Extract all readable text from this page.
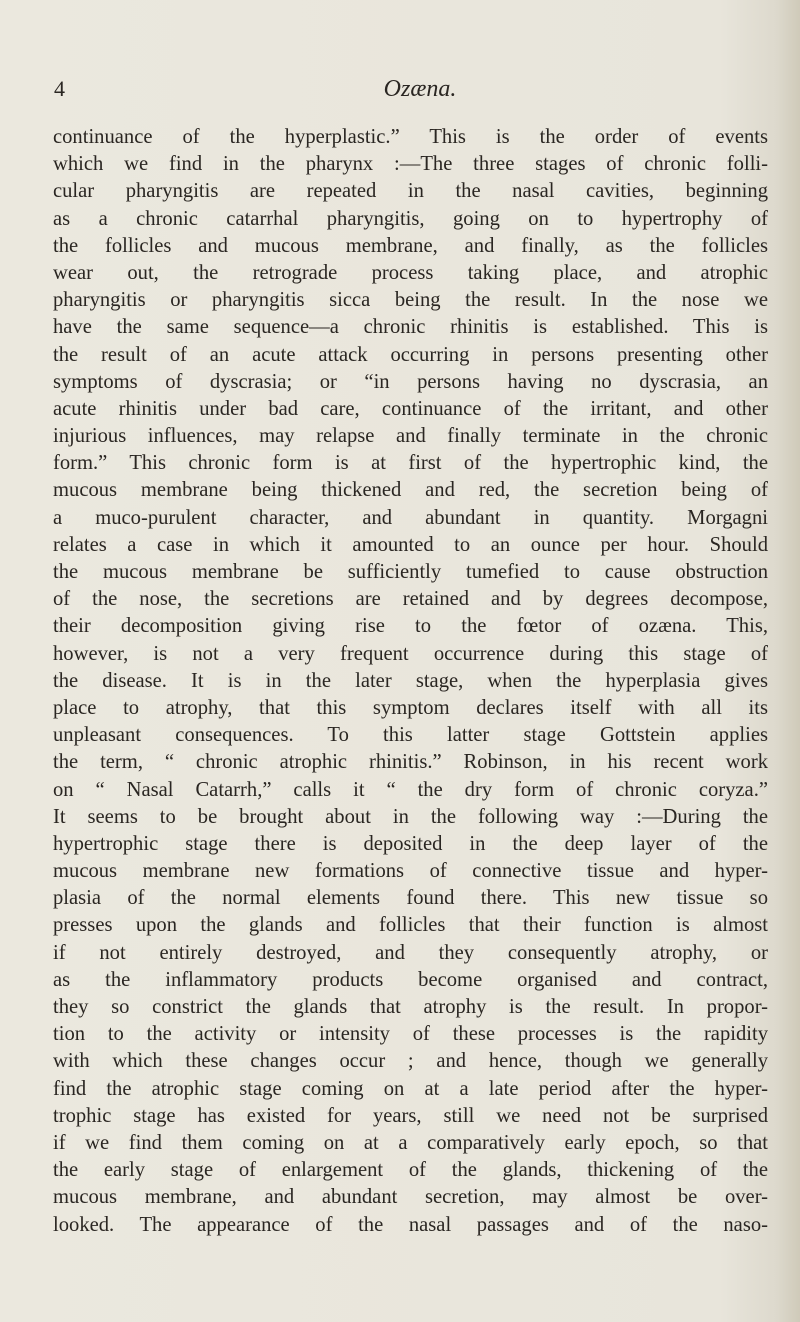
4	Ozæna.
continuance of the hyperplastic.” This is the order of events
which we find in the pharynx :—The three stages of chronic folli-
cular pharyngitis are repeated in the nasal cavities, beginning
as a chronic catarrhal pharyngitis, going on to hypertrophy of
the follicles and mucous membrane, and finally, as the follicles
wear out, the retrograde process taking place, and atrophic
pharyngitis or pharyngitis sicca being the result. In the nose we
have the same sequence—a chronic rhinitis is established. This is
the result of an acute attack occurring in persons presenting other
symptoms of dyscrasia; or “in persons having no dyscrasia, an
acute rhinitis under bad care, continuance of the irritant, and other
injurious influences, may relapse and finally terminate in the chronic
form.” This chronic form is at first of the hypertrophic kind, the
mucous membrane being thickened and red, the secretion being of
a muco-purulent character, and abundant in quantity. Morgagni
relates a case in which it amounted to an ounce per hour. Should
the mucous membrane be sufficiently tumefied to cause obstruction
of the nose, the secretions are retained and by degrees decompose,
their decomposition giving rise to the fœtor of ozæna. This,
however, is not a very frequent occurrence during this stage of
the disease. It is in the later stage, when the hyperplasia gives
place to atrophy, that this symptom declares itself with all its
unpleasant consequences. To this latter stage Gottstein applies
the term, “ chronic atrophic rhinitis.” Robinson, in his recent work
on “ Nasal Catarrh,” calls it “ the dry form of chronic coryza.”
It seems to be brought about in the following way :—During the
hypertrophic stage there is deposited in the deep layer of the
mucous membrane new formations of connective tissue and hyper-
plasia of the normal elements found there. This new tissue so
presses upon the glands and follicles that their function is almost
if not entirely destroyed, and they consequently atrophy, or
as the inflammatory products become organised and contract,
they so constrict the glands that atrophy is the result. In propor-
tion to the activity or intensity of these processes is the rapidity
with which these changes occur ; and hence, though we generally
find the atrophic stage coming on at a late period after the hyper-
trophic stage has existed for years, still we need not be surprised
if we find them coming on at a comparatively early epoch, so that
the early stage of enlargement of the glands, thickening of the
mucous membrane, and abundant secretion, may almost be over-
looked. The appearance of the nasal passages and of the naso-
